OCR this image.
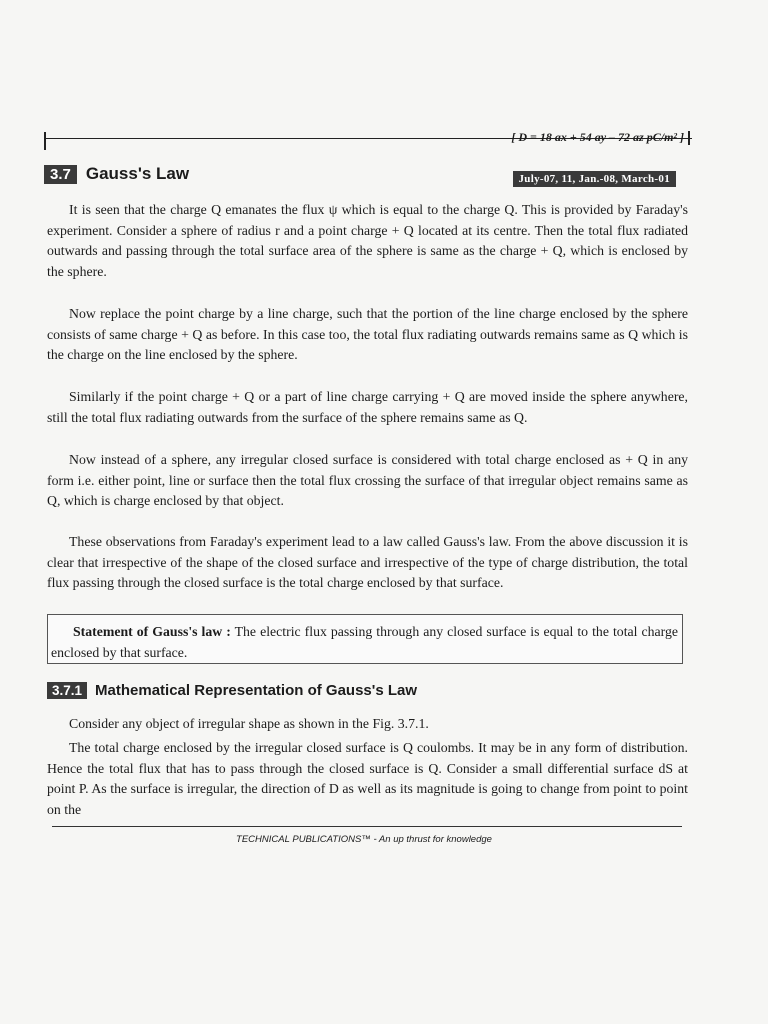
[ D = 18 ax + 54 ay – 72 az pC/m² ]
3.7 Gauss's Law	July-07, 11, Jan.-08, March-01
It is seen that the charge Q emanates the flux ψ which is equal to the charge Q. This is provided by Faraday's experiment. Consider a sphere of radius r and a point charge + Q located at its centre. Then the total flux radiated outwards and passing through the total surface area of the sphere is same as the charge + Q, which is enclosed by the sphere.
Now replace the point charge by a line charge, such that the portion of the line charge enclosed by the sphere consists of same charge + Q as before. In this case too, the total flux radiating outwards remains same as Q which is the charge on the line enclosed by the sphere.
Similarly if the point charge + Q or a part of line charge carrying + Q are moved inside the sphere anywhere, still the total flux radiating outwards from the surface of the sphere remains same as Q.
Now instead of a sphere, any irregular closed surface is considered with total charge enclosed as + Q in any form i.e. either point, line or surface then the total flux crossing the surface of that irregular object remains same as Q, which is charge enclosed by that object.
These observations from Faraday's experiment lead to a law called Gauss's law. From the above discussion it is clear that irrespective of the shape of the closed surface and irrespective of the type of charge distribution, the total flux passing through the closed surface is the total charge enclosed by that surface.
Statement of Gauss's law : The electric flux passing through any closed surface is equal to the total charge enclosed by that surface.
3.7.1 Mathematical Representation of Gauss's Law
Consider any object of irregular shape as shown in the Fig. 3.7.1.
The total charge enclosed by the irregular closed surface is Q coulombs. It may be in any form of distribution. Hence the total flux that has to pass through the closed surface is Q. Consider a small differential surface dS at point P. As the surface is irregular, the direction of D as well as its magnitude is going to change from point to point on the
TECHNICAL PUBLICATIONS™ - An up thrust for knowledge
